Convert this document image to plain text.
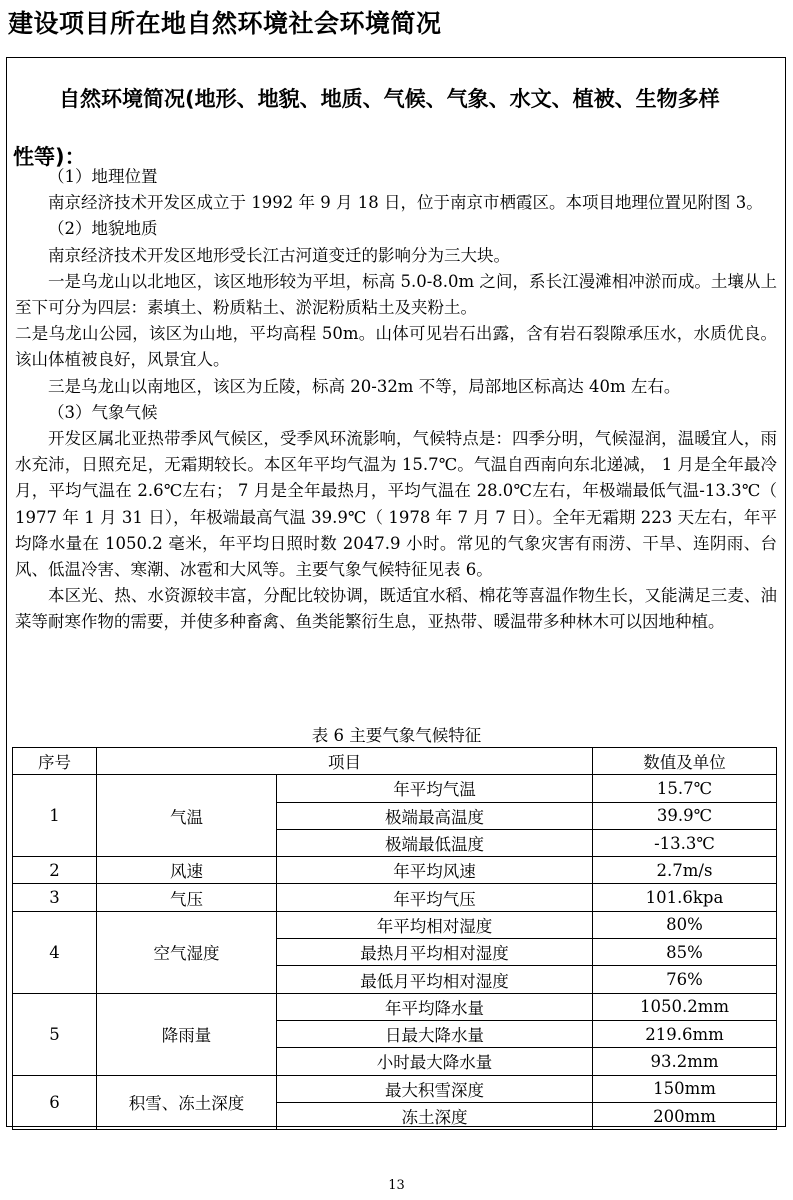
建设项目所在地自然环境社会环境简况
自然环境简况(地形、地貌、地质、气候、气象、水文、植被、生物多样
性等)：

（1）地理位置

南京经济技术开发区成立于 1992 年 9 月 18 日，位于南京市栖霞区。本项目地理位置见附图 3。

（2）地貌地质

南京经济技术开发区地形受长江古河道变迁的影响分为三大块。

一是乌龙山以北地区，该区地形较为平坦，标高 5.0-8.0m 之间，系长江漫滩相冲淤而成。土壤从上至下可分为四层：素填土、粉质粘土、淤泥粉质粘土及夹粉土。

二是乌龙山公园，该区为山地，平均高程 50m。山体可见岩石出露，含有岩石裂隙承压水，水质优良。该山体植被良好，风景宜人。

三是乌龙山以南地区，该区为丘陵，标高 20-32m 不等，局部地区标高达 40m 左右。

（3）气象气候

开发区属北亚热带季风气候区，受季风环流影响，气候特点是：四季分明，气候湿润，温暖宜人，雨水充沛，日照充足，无霜期较长。本区年平均气温为 15.7℃。气温自西南向东北递减， 1 月是全年最冷月，平均气温在 2.6℃左右； 7 月是全年最热月，平均气温在 28.0℃左右，年极端最低气温-13.3℃（ 1977 年 1 月 31 日），年极端最高气温 39.9℃（ 1978 年 7 月 7 日）。全年无霜期 223 天左右，年平均降水量在 1050.2 毫米，年平均日照时数 2047.9 小时。常见的气象灾害有雨涝、干旱、连阴雨、台风、低温冷害、寒潮、冰雹和大风等。主要气象气候特征见表 6。

本区光、热、水资源较丰富，分配比较协调，既适宜水稻、棉花等喜温作物生长，又能满足三麦、油菜等耐寒作物的需要，并使多种畜禽、鱼类能繁衍生息，亚热带、暖温带多种林木可以因地种植。

表 6 主要气象气候特征
序号	项目		数值及单位
1	气温	年平均气温	15.7℃
		极端最高温度	39.9℃
		极端最低温度	-13.3℃
2	风速	年平均风速	2.7m/s
3	气压	年平均气压	101.6kpa
4	空气湿度	年平均相对湿度	80%
		最热月平均相对湿度	85%
		最低月平均相对湿度	76%
5	降雨量	年平均降水量	1050.2mm
		日最大降水量	219.6mm
		小时最大降水量	93.2mm
6	积雪、冻土深度	最大积雪深度	150mm
		冻土深度	200mm
13
